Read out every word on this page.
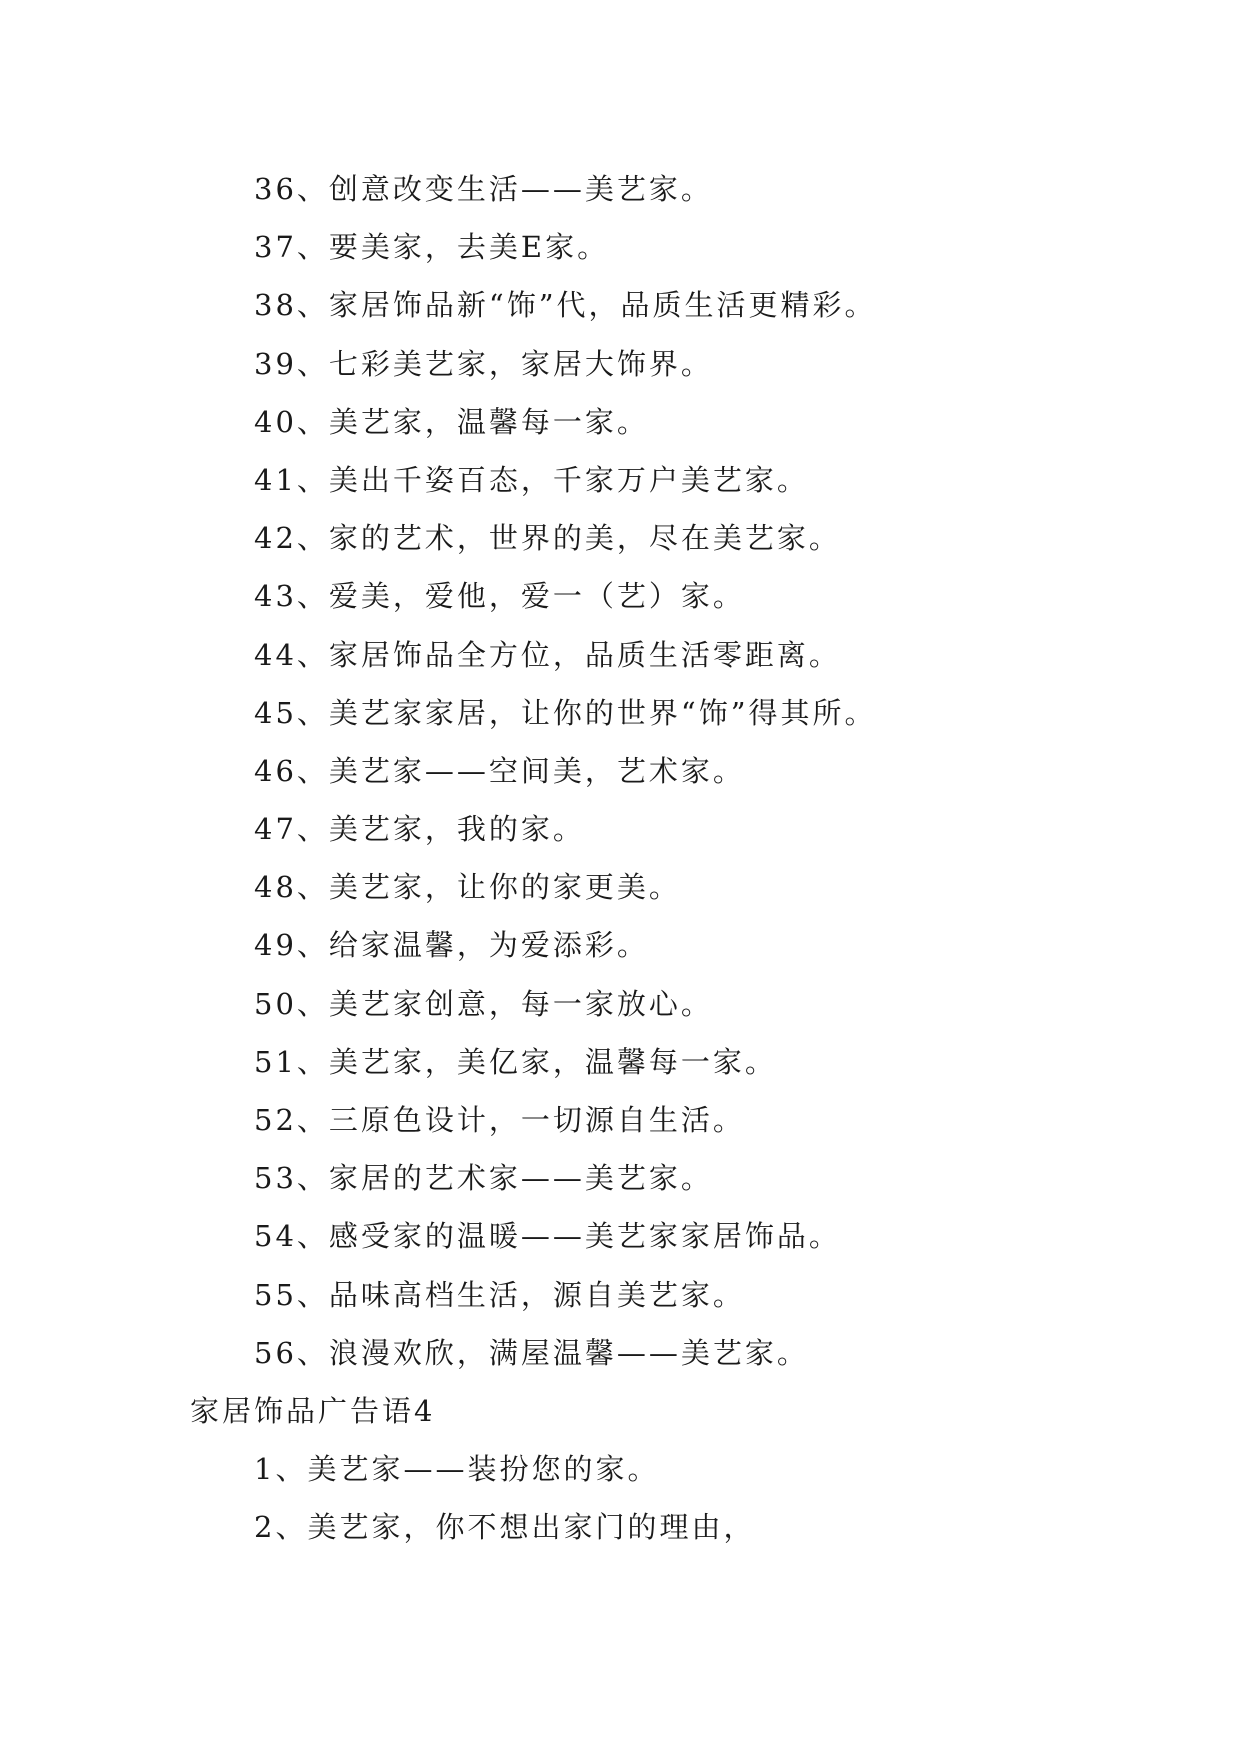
36、创意改变生活——美艺家。
37、要美家，去美E家。
38、家居饰品新“饰”代，品质生活更精彩。
39、七彩美艺家，家居大饰界。
40、美艺家，温馨每一家。
41、美出千姿百态，千家万户美艺家。
42、家的艺术，世界的美，尽在美艺家。
43、爱美，爱他，爱一（艺）家。
44、家居饰品全方位，品质生活零距离。
45、美艺家家居，让你的世界“饰”得其所。
46、美艺家——空间美，艺术家。
47、美艺家，我的家。
48、美艺家，让你的家更美。
49、给家温馨，为爱添彩。
50、美艺家创意，每一家放心。
51、美艺家，美亿家，温馨每一家。
52、三原色设计，一切源自生活。
53、家居的艺术家——美艺家。
54、感受家的温暖——美艺家家居饰品。
55、品味高档生活，源自美艺家。
56、浪漫欢欣，满屋温馨——美艺家。
家居饰品广告语4
1、美艺家——装扮您的家。
2、美艺家，你不想出家门的理由，
